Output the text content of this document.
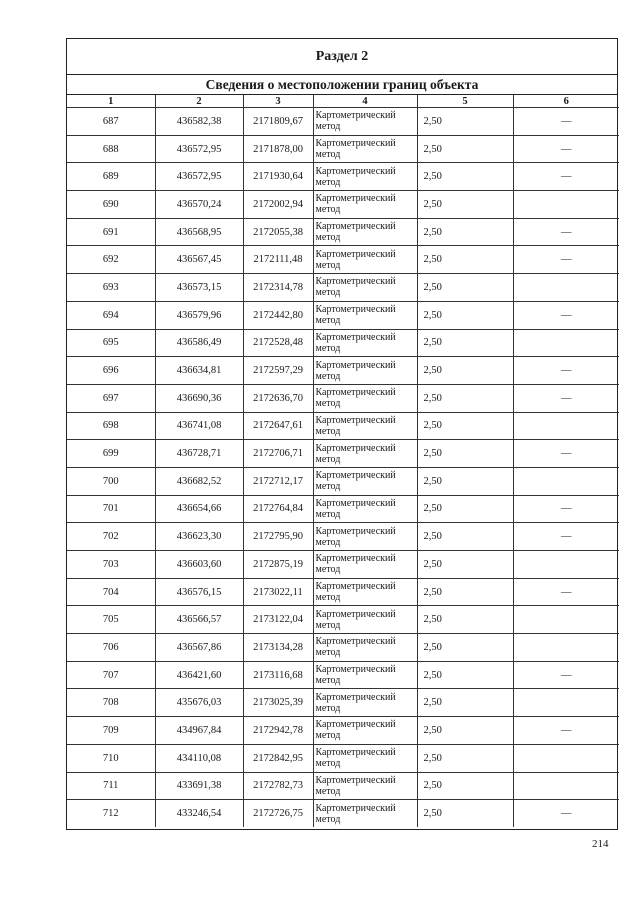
Раздел 2
Сведения о местоположении границ объекта
1	2	3	4	5	6
687	436582,38	2171809,67	Картометрический метод	2,50	—
688	436572,95	2171878,00	Картометрический метод	2,50	—
689	436572,95	2171930,64	Картометрический метод	2,50	—
690	436570,24	2172002,94	Картометрический метод	2,50	
691	436568,95	2172055,38	Картометрический метод	2,50	—
692	436567,45	2172111,48	Картометрический метод	2,50	—
693	436573,15	2172314,78	Картометрический метод	2,50	
694	436579,96	2172442,80	Картометрический метод	2,50	—
695	436586,49	2172528,48	Картометрический метод	2,50	
696	436634,81	2172597,29	Картометрический метод	2,50	—
697	436690,36	2172636,70	Картометрический метод	2,50	—
698	436741,08	2172647,61	Картометрический метод	2,50	
699	436728,71	2172706,71	Картометрический метод	2,50	—
700	436682,52	2172712,17	Картометрический метод	2,50	
701	436654,66	2172764,84	Картометрический метод	2,50	—
702	436623,30	2172795,90	Картометрический метод	2,50	—
703	436603,60	2172875,19	Картометрический метод	2,50	
704	436576,15	2173022,11	Картометрический метод	2,50	—
705	436566,57	2173122,04	Картометрический метод	2,50	
706	436567,86	2173134,28	Картометрический метод	2,50	
707	436421,60	2173116,68	Картометрический метод	2,50	—
708	435676,03	2173025,39	Картометрический метод	2,50	
709	434967,84	2172942,78	Картометрический метод	2,50	—
710	434110,08	2172842,95	Картометрический метод	2,50	
711	433691,38	2172782,73	Картометрический метод	2,50	
712	433246,54	2172726,75	Картометрический метод	2,50	—
214
